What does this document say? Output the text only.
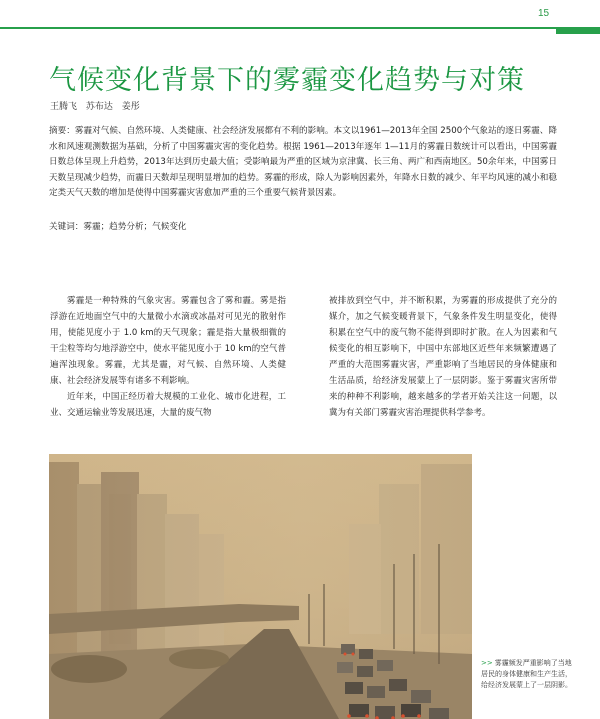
15
气候变化背景下的雾霾变化趋势与对策
王腾飞 苏布达 姜彤

摘要：雾霾对气候、自然环境、人类健康、社会经济发展都有不利的影响。本文以1961—2013年全国 2500个气象站的逐日雾霾、降水和风速观测数据为基础，分析了中国雾霾灾害的变化趋势。根据 1961—2013年逐年 1—11月的雾霾日数统计可以看出，中国雾霾日数总体呈现上升趋势，2013年达到历史最大值；受影响最为严重的区域为京津冀、长三角、两广和西南地区。50余年来，中国雾日天数呈现减少趋势，而霾日天数却呈现明显增加的趋势。雾霾的形成，除人为影响因素外，年降水日数的减少、年平均风速的减小和稳定类天气天数的增加是使得中国雾霾灾害愈加严重的三个重要气候背景因素。

关键词：雾霾；趋势分析；气候变化

雾霾是一种特殊的气象灾害。雾霾包含了雾和霾。雾是指浮游在近地面空气中的大量微小水滴或冰晶对可见光的散射作用，使能见度小于 1.0 km的天气现象；霾是指大量极细微的干尘粒等均匀地浮游空中，使水平能见度小于 10 km的空气普遍浑浊现象。雾霾，尤其是霾，对气候、自然环境、人类健康、社会经济发展等有诸多不利影响。

近年来，中国正经历着大规模的工业化、城市化进程，工业、交通运输业等发展迅速，大量的废气物

被排放到空气中，并不断积累，为雾霾的形成提供了充分的媒介，加之气候变暖背景下，气象条件发生明显变化，使得积累在空气中的废气物不能得到即时扩散。在人为因素和气候变化的相互影响下，中国中东部地区近些年来频繁遭遇了严重的大范围雾霾灾害，严重影响了当地居民的身体健康和生活品质，给经济发展蒙上了一层阴影。鉴于雾霾灾害所带来的种种不利影响，越来越多的学者开始关注这一问题，以冀为有关部门雾霾灾害治理提供科学参考。

>> 雾霾频发严重影响了当地居民的身体健康和生产生活，给经济发展蒙上了一层阴影。
